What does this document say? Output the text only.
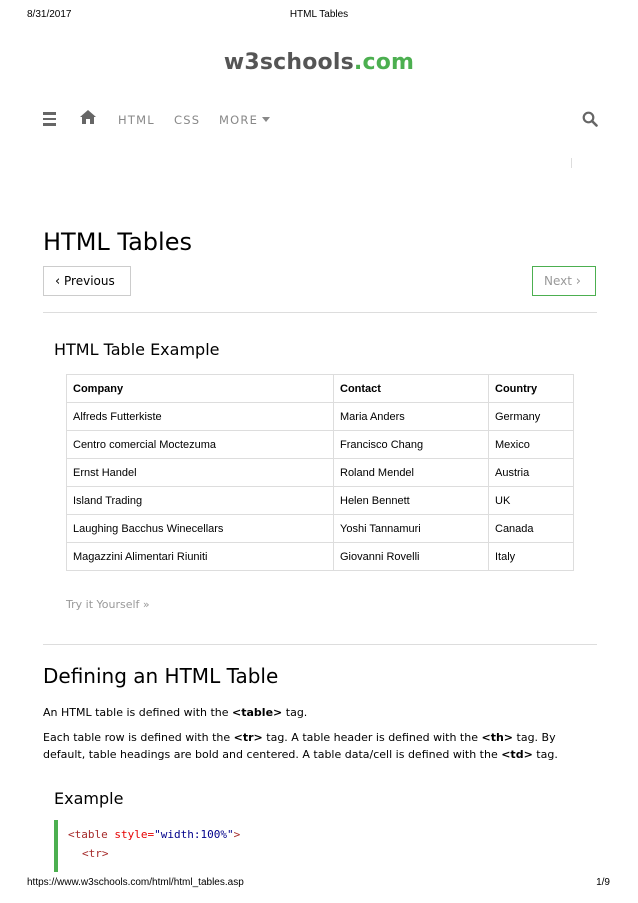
8/31/2017	HTML Tables
w3schools.com
HTML CSS MORE
HTML Tables
‹ Previous	Next ›
HTML Table Example
Company	Contact	Country
Alfreds Futterkiste	Maria Anders	Germany
Centro comercial Moctezuma	Francisco Chang	Mexico
Ernst Handel	Roland Mendel	Austria
Island Trading	Helen Bennett	UK
Laughing Bacchus Winecellars	Yoshi Tannamuri	Canada
Magazzini Alimentari Riuniti	Giovanni Rovelli	Italy
Try it Yourself »
Defining an HTML Table

An HTML table is defined with the <table> tag.

Each table row is defined with the <tr> tag. A table header is defined with the <th> tag. By
default, table headings are bold and centered. A table data/cell is defined with the <td> tag.

Example
<table style="width:100%">
<tr>
https://www.w3schools.com/html/html_tables.asp	1/9
